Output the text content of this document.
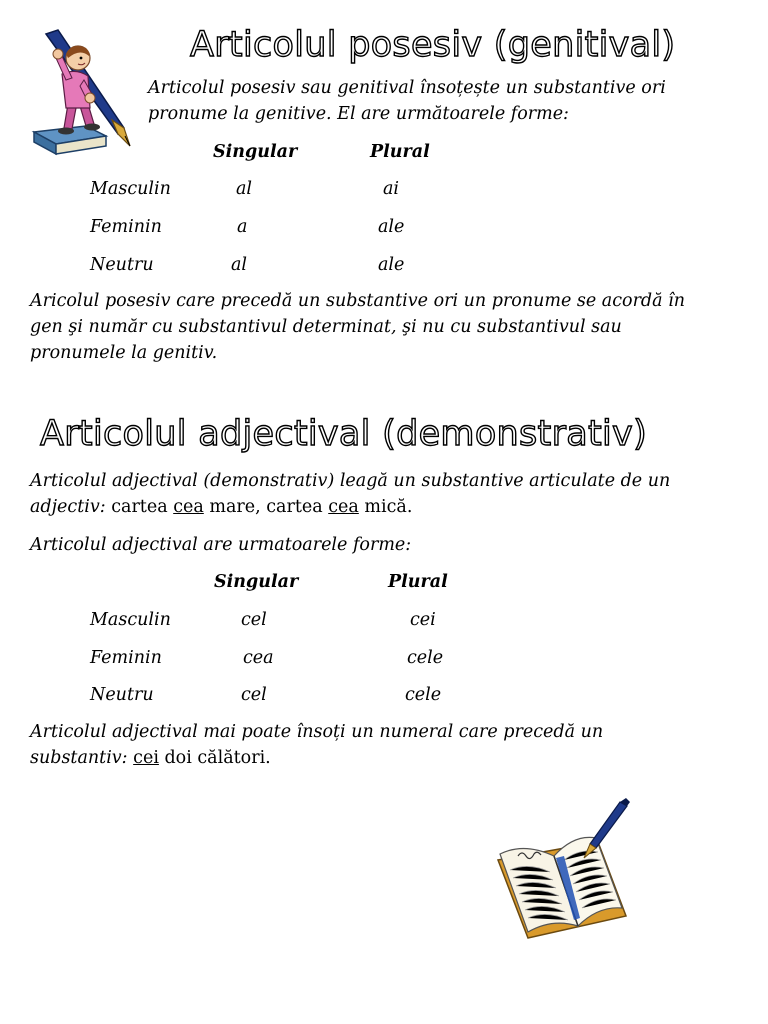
Articolul posesiv (genitival)
Articolul posesiv sau genitival însoțește un substantive ori
pronume la genitive. El are următoarele forme:
Singular	Plural
Masculin	al	ai
Feminin	a	ale
Neutru	al	ale
Aricolul posesiv care precedă un substantive ori un pronume se acordă în
gen şi număr cu substantivul determinat, şi nu cu substantivul sau
pronumele la genitiv.
Articolul adjectival (demonstrativ)
Articolul adjectival (demonstrativ) leagă un substantive articulate de un
adjectiv: cartea cea mare, cartea cea mică.
Articolul adjectival are urmatoarele forme:
Singular	Plural
Masculin	cel	cei
Feminin	cea	cele
Neutru	cel	cele
Articolul adjectival mai poate însoți un numeral care precedă un
substantiv: cei doi călători.
